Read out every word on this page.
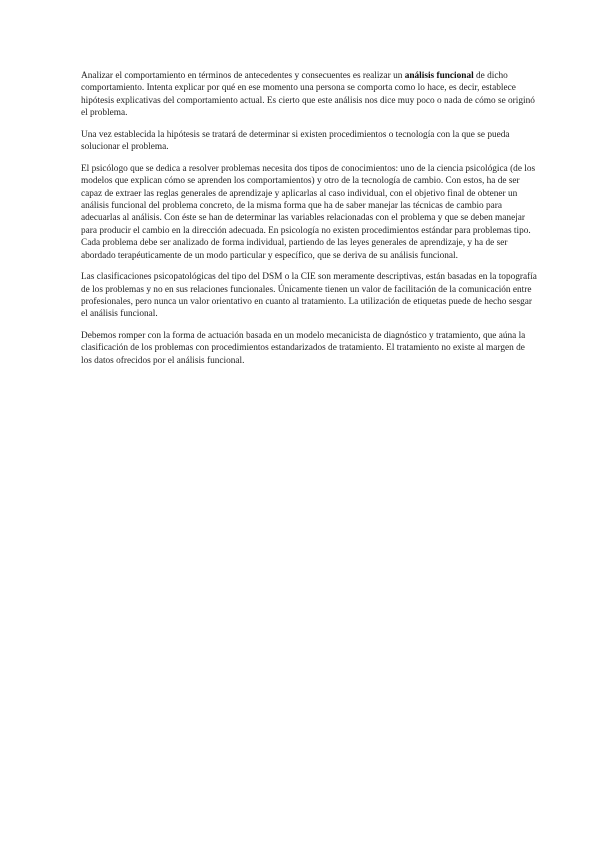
Analizar el comportamiento en términos de antecedentes y consecuentes es realizar un análisis funcional de dicho comportamiento. Intenta explicar por qué en ese momento una persona se comporta como lo hace, es decir, establece hipótesis explicativas del comportamiento actual. Es cierto que este análisis nos dice muy poco o nada de cómo se originó el problema.

Una vez establecida la hipótesis se tratará de determinar si existen procedimientos o tecnología con la que se pueda solucionar el problema.

El psicólogo que se dedica a resolver problemas necesita dos tipos de conocimientos: uno de la ciencia psicológica (de los modelos que explican cómo se aprenden los comportamientos) y otro de la tecnología de cambio. Con estos, ha de ser capaz de extraer las reglas generales de aprendizaje y aplicarlas al caso individual, con el objetivo final de obtener un análisis funcional del problema concreto, de la misma forma que ha de saber manejar las técnicas de cambio para adecuarlas al análisis. Con éste se han de determinar las variables relacionadas con el problema y que se deben manejar para producir el cambio en la dirección adecuada. En psicología no existen procedimientos estándar para problemas tipo. Cada problema debe ser analizado de forma individual, partiendo de las leyes generales de aprendizaje, y ha de ser abordado terapéuticamente de un modo particular y específico, que se deriva de su análisis funcional.

Las clasificaciones psicopatológicas del tipo del DSM o la CIE son meramente descriptivas, están basadas en la topografía de los problemas y no en sus relaciones funcionales. Únicamente tienen un valor de facilitación de la comunicación entre profesionales, pero nunca un valor orientativo en cuanto al tratamiento. La utilización de etiquetas puede de hecho sesgar el análisis funcional.

Debemos romper con la forma de actuación basada en un modelo mecanicista de diagnóstico y tratamiento, que aúna la clasificación de los problemas con procedimientos estandarizados de tratamiento. El tratamiento no existe al margen de los datos ofrecidos por el análisis funcional.
